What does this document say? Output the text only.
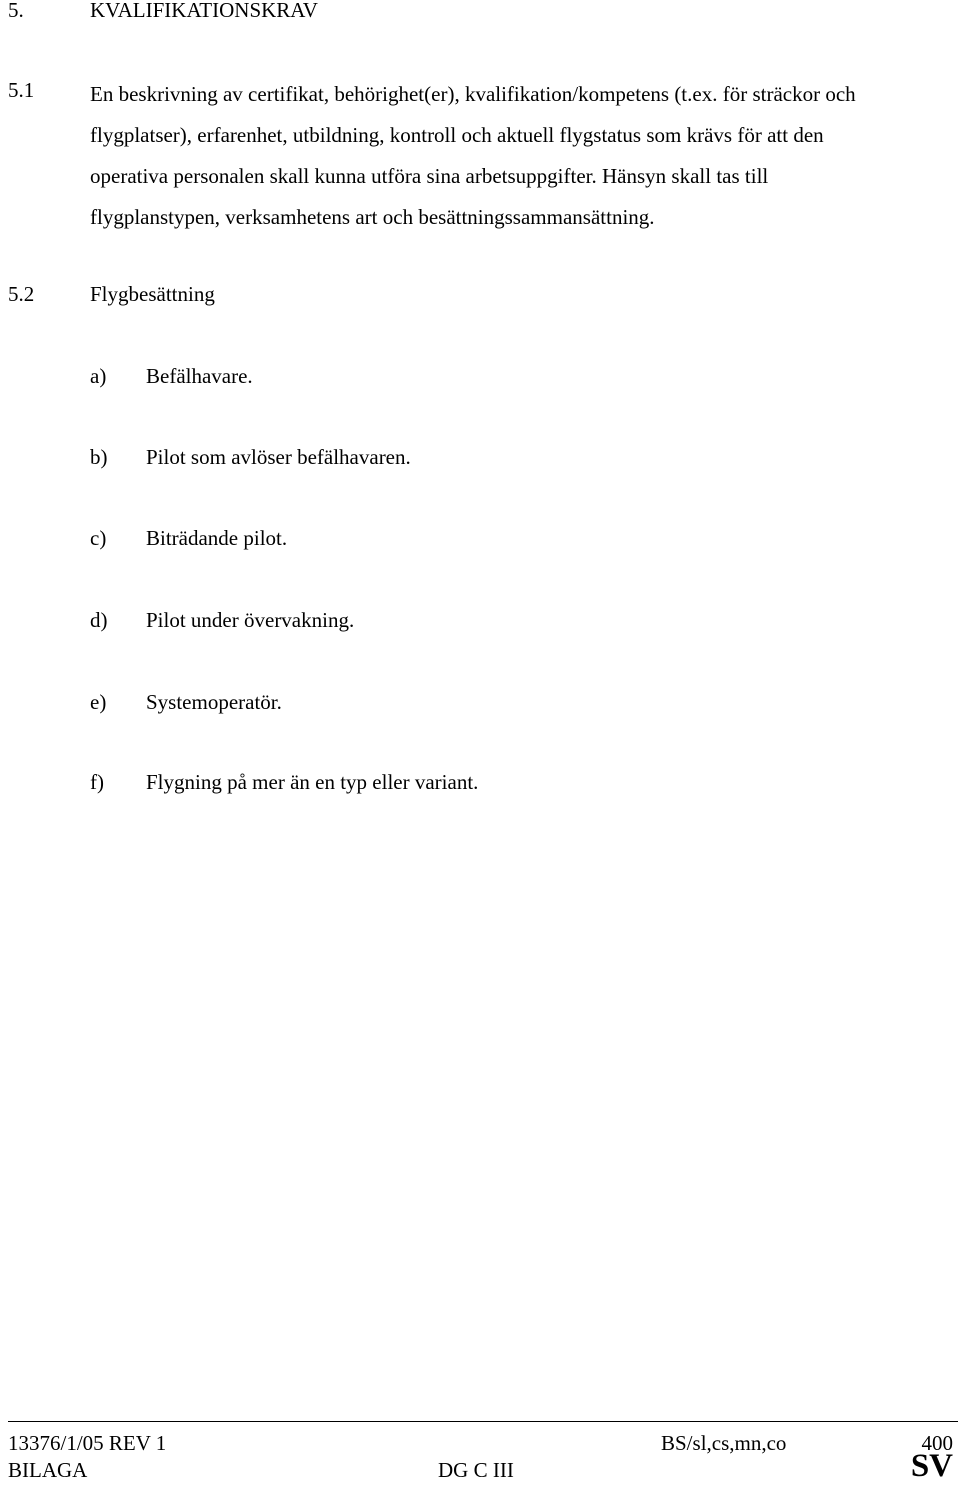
5.	KVALIFIKATIONSKRAV
5.1	En beskrivning av certifikat, behörighet(er), kvalifikation/kompetens (t.ex. för sträckor och
flygplatser), erfarenhet, utbildning, kontroll och aktuell flygstatus som krävs för att den
operativa personalen skall kunna utföra sina arbetsuppgifter. Hänsyn skall tas till
flygplanstypen, verksamhetens art och besättningssammansättning.

5.2	Flygbesättning
a) Befälhavare.
b) Pilot som avlöser befälhavaren.
c) Biträdande pilot.
d) Pilot under övervakning.
e) Systemoperatör.
f) Flygning på mer än en typ eller variant.
13376/1/05 REV 1	BS/sl,cs,mn,co	400
BILAGA	DG C III	SV
